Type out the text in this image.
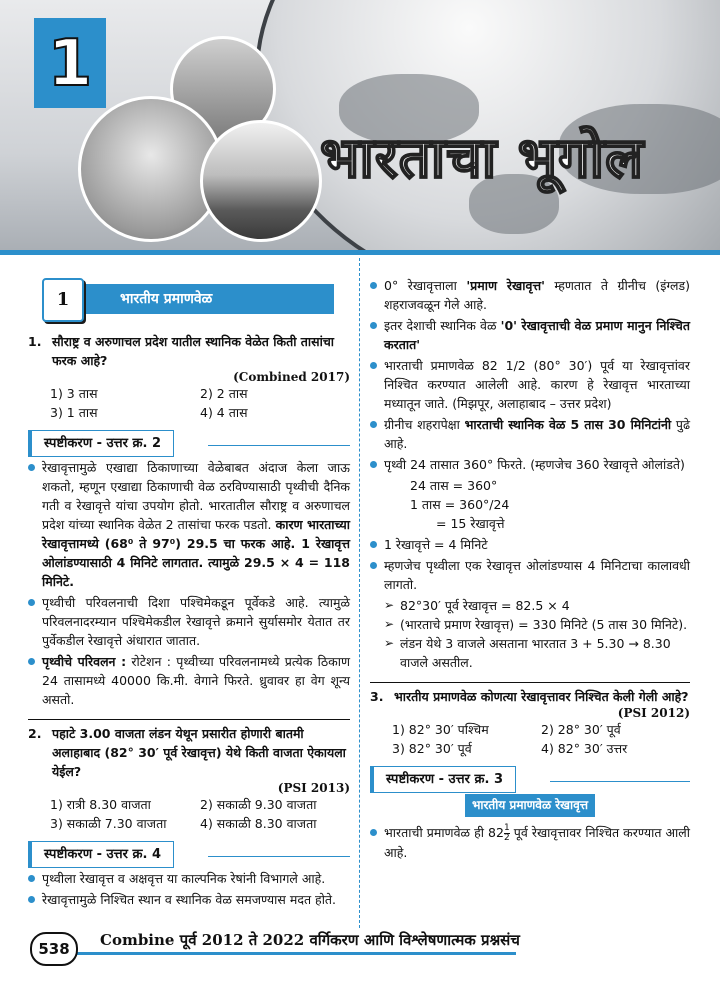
1
भारताचा भूगोल
भारतीय प्रमाणवेळ
1
1. सौराष्ट्र व अरुणाचल प्रदेश यातील स्थानिक वेळेत किती तासांचा फरक आहे?
(Combined 2017)
1) 3 तास	2) 2 तास
3) 1 तास	4) 4 तास
स्पष्टीकरण - उत्तर क्र. 2
रेखावृत्तामुळे एखाद्या ठिकाणाच्या वेळेबाबत अंदाज केला जाऊ शकतो, म्हणून एखाद्या ठिकाणाची वेळ ठरविण्यासाठी पृथ्वीची दैनिक गती व रेखावृत्ते यांचा उपयोग होतो. भारतातील सौराष्ट्र व अरुणाचल प्रदेश यांच्या स्थानिक वेळेत 2 तासांचा फरक पडतो. कारण भारताच्या रेखावृत्तामध्ये (68⁰ ते 97⁰) 29.5 चा फरक आहे. 1 रेखावृत्त ओलांडण्यासाठी 4 मिनिटे लागतात. त्यामुळे 29.5 × 4 = 118 मिनिटे.
पृथ्वीची परिवलनाची दिशा पश्चिमेकडून पूर्वेकडे आहे. त्यामुळे परिवलनादरम्यान पश्चिमेकडील रेखावृत्ते क्रमाने सुर्यासमोर येतात तर पुर्वेकडील रेखावृत्ते अंधारात जातात.
पृथ्वीचे परिवलन : रोटेशन : पृथ्वीच्या परिवलनामध्ये प्रत्येक ठिकाण 24 तासामध्ये 40000 कि.मी. वेगाने फिरते. ध्रुवावर हा वेग शून्य असतो.
2. पहाटे 3.00 वाजता लंडन येथून प्रसारीत होणारी बातमी अलाहाबाद (82° 30′ पूर्व रेखावृत्त) येथे किती वाजता ऐकायला येईल?
(PSI 2013)
1) रात्री 8.30 वाजता	2) सकाळी 9.30 वाजता
3) सकाळी 7.30 वाजता	4) सकाळी 8.30 वाजता
स्पष्टीकरण - उत्तर क्र. 4
पृथ्वीला रेखावृत्त व अक्षवृत्त या काल्पनिक रेषांनी विभागले आहे.
रेखावृत्तामुळे निश्चित स्थान व स्थानिक वेळ समजण्यास मदत होते.
0° रेखावृत्ताला 'प्रमाण रेखावृत्त' म्हणतात ते ग्रीनीच (इंग्लड) शहराजवळून गेले आहे.
इतर देशाची स्थानिक वेळ '0' रेखावृत्ताची वेळ प्रमाण मानुन निश्चित करतात'
भारताची प्रमाणवेळ 82 1/2 (80° 30′) पूर्व या रेखावृत्तांवर निश्चित करण्यात आलेली आहे. कारण हे रेखावृत्त भारताच्या मध्यातून जाते. (मिझपूर, अलाहाबाद – उत्तर प्रदेश)
ग्रीनीच शहरापेक्षा भारताची स्थानिक वेळ 5 तास 30 मिनिटांनी पुढे आहे.
पृथ्वी 24 तासात 360° फिरते. (म्हणजेच 360 रेखावृत्ते ओलांडते)
24 तास = 360°
1 तास = 360°/24
= 15 रेखावृत्ते
1 रेखावृत्ते = 4 मिनिटे
म्हणजेच पृथ्वीला एक रेखावृत्त ओलांडण्यास 4 मिनिटाचा कालावधी लागतो.
➢ 82°30′ पूर्व रेखावृत्त = 82.5 × 4
➢ (भारताचे प्रमाण रेखावृत्त) = 330 मिनिटे (5 तास 30 मिनिटे).
➢ लंडन येथे 3 वाजले असताना भारतात 3 + 5.30 → 8.30 वाजले असतील.
3. भारतीय प्रमाणवेळ कोणत्या रेखावृत्तावर निश्चित केली गेली आहे?
(PSI 2012)
1) 82° 30′ पश्चिम	2) 28° 30′ पूर्व
3) 82° 30′ पूर्व	4) 82° 30′ उत्तर
स्पष्टीकरण - उत्तर क्र. 3
भारतीय प्रमाणवेळ रेखावृत्त
भारताची प्रमाणवेळ ही $82 \frac{1}{2}$ पूर्व रेखावृत्तावर निश्चित करण्यात आली आहे.
538	Combine पूर्व 2012 ते 2022 वर्गिकरण आणि विश्लेषणात्मक प्रश्नसंच
